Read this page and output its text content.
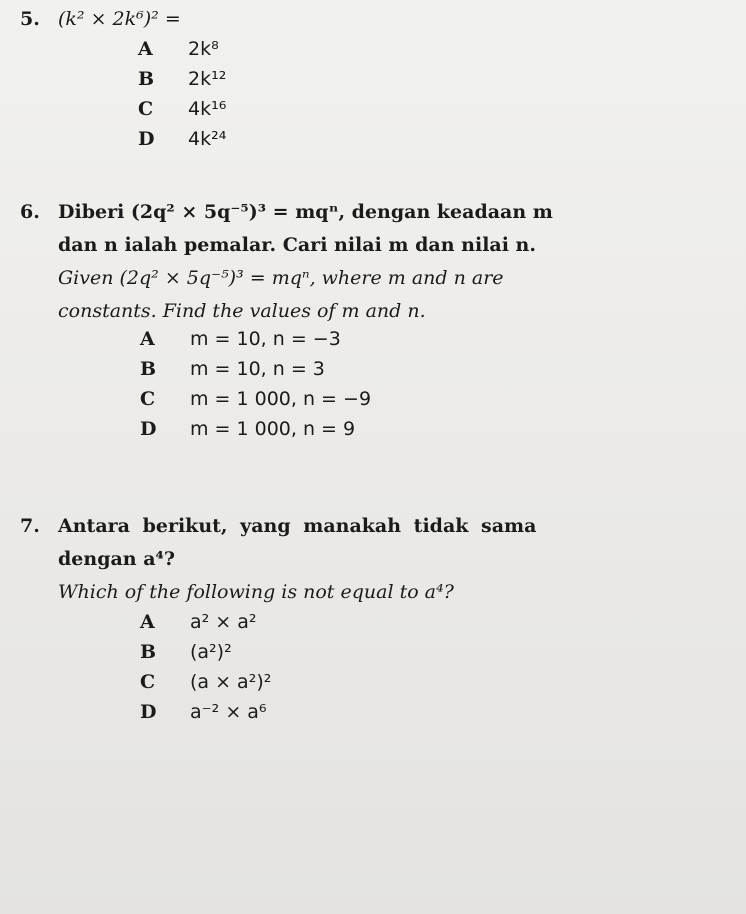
5. (k² × 2k⁶)² =
A	2k⁸
B	2k¹²
C	4k¹⁶
D	4k²⁴
6. Diberi (2q² × 5q⁻⁵)³ = mqⁿ, dengan keadaan m
dan n ialah pemalar. Cari nilai m dan nilai n.
Given (2q² × 5q⁻⁵)³ = mqⁿ, where m and n are
constants. Find the values of m and n.
A	m = 10, n = −3
B	m = 10, n = 3
C	m = 1 000, n = −9
D	m = 1 000, n = 9
7. Antara berikut, yang manakah tidak sama
dengan a⁴?
Which of the following is not equal to a⁴?
A	a² × a²
B	(a²)²
C	(a × a²)²
D	a⁻² × a⁶
